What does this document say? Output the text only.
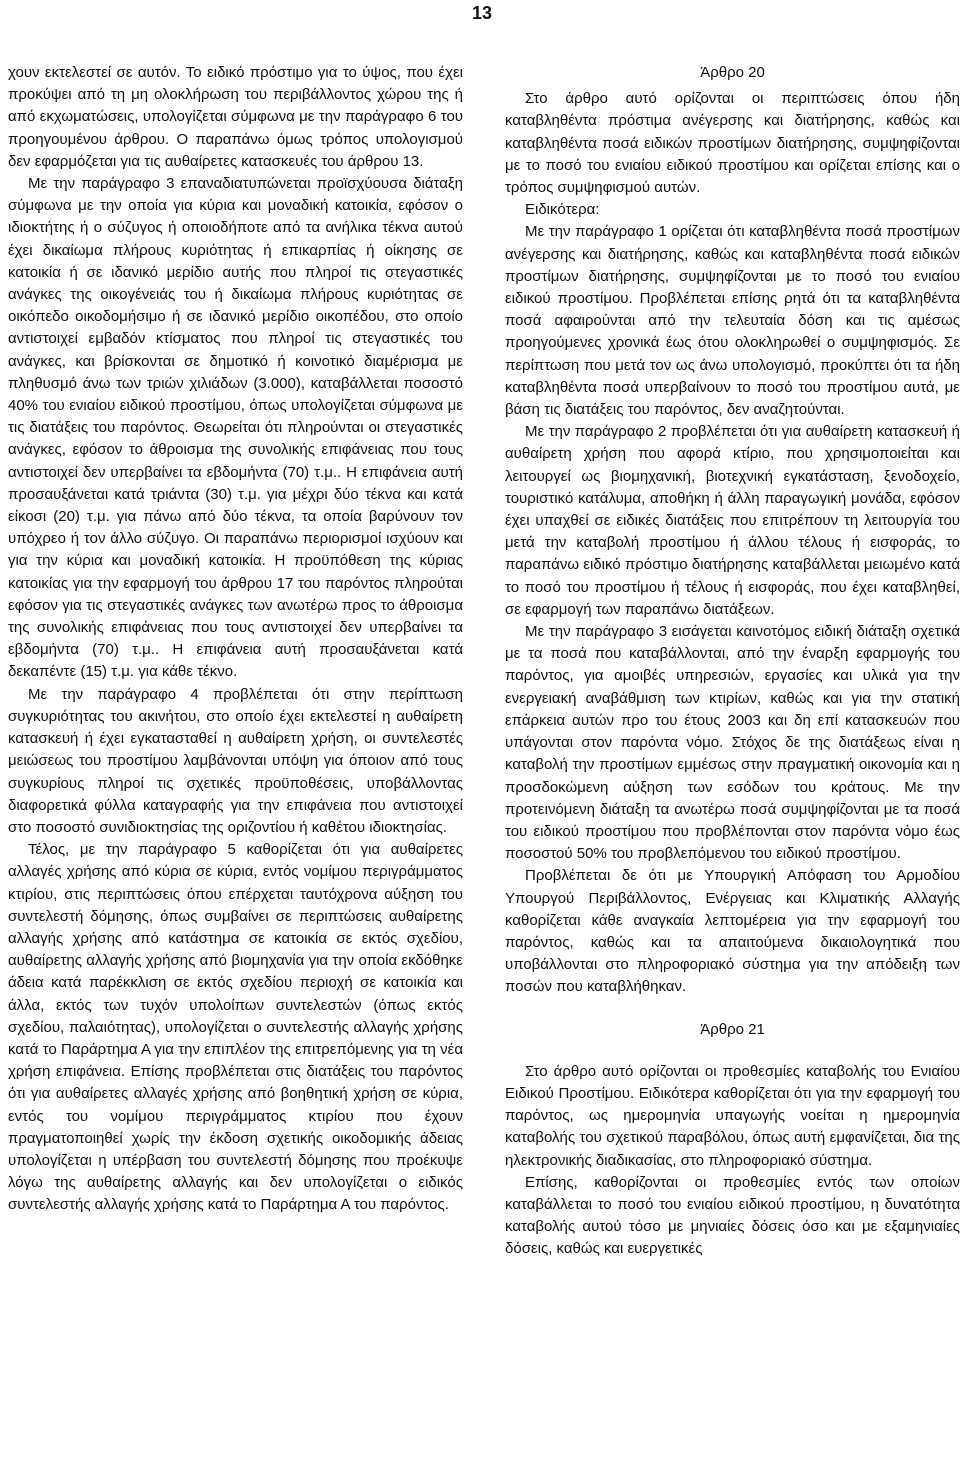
13

χουν εκτελεστεί σε αυτόν. Το ειδικό πρόστιμο για το ύψος, που έχει προκύψει από τη μη ολοκλήρωση του περιβάλλοντος χώρου της ή από εκχωματώσεις, υπολογίζεται σύμφωνα με την παράγραφο 6 του προηγουμένου άρθρου. Ο παραπάνω όμως τρόπος υπολογισμού δεν εφαρμόζεται για τις αυθαίρετες κατασκευές του άρθρου 13.

Με την παράγραφο 3 επαναδιατυπώνεται προϊσχύουσα διάταξη σύμφωνα με την οποία για κύρια και μοναδική κατοικία, εφόσον ο ιδιοκτήτης ή ο σύζυγος ή οποιοδήποτε από τα ανήλικα τέκνα αυτού έχει δικαίωμα πλήρους κυριότητας ή επικαρπίας ή οίκησης σε κατοικία ή σε ιδανικό μερίδιο αυτής που πληροί τις στεγαστικές ανάγκες της οικογένειάς του ή δικαίωμα πλήρους κυριότητας σε οικόπεδο οικοδομήσιμο ή σε ιδανικό μερίδιο οικοπέδου, στο οποίο αντιστοιχεί εμβαδόν κτίσματος που πληροί τις στεγαστικές του ανάγκες, και βρίσκονται σε δημοτικό ή κοινοτικό διαμέρισμα με πληθυσμό άνω των τριών χιλιάδων (3.000), καταβάλλεται ποσοστό 40% του ενιαίου ειδικού προστίμου, όπως υπολογίζεται σύμφωνα με τις διατάξεις του παρόντος. Θεωρείται ότι πληρούνται οι στεγαστικές ανάγκες, εφόσον το άθροισμα της συνολικής επιφάνειας που τους αντιστοιχεί δεν υπερβαίνει τα εβδομήντα (70) τ.μ.. Η επιφάνεια αυτή προσαυξάνεται κατά τριάντα (30) τ.μ. για μέχρι δύο τέκνα και κατά είκοσι (20) τ.μ. για πάνω από δύο τέκνα, τα οποία βαρύνουν τον υπόχρεο ή τον άλλο σύζυγο. Οι παραπάνω περιορισμοί ισχύουν και για την κύρια και μοναδική κατοικία. Η προϋπόθεση της κύριας κατοικίας για την εφαρμογή του άρθρου 17 του παρόντος πληρούται εφόσον για τις στεγαστικές ανάγκες των ανωτέρω προς το άθροισμα της συνολικής επιφάνειας που τους αντιστοιχεί δεν υπερβαίνει τα εβδομήντα (70) τ.μ.. Η επιφάνεια αυτή προσαυξάνεται κατά δεκαπέντε (15) τ.μ. για κάθε τέκνο.

Με την παράγραφο 4 προβλέπεται ότι στην περίπτωση συγκυριότητας του ακινήτου, στο οποίο έχει εκτελεστεί η αυθαίρετη κατασκευή ή έχει εγκατασταθεί η αυθαίρετη χρήση, οι συντελεστές μειώσεως του προστίμου λαμβάνονται υπόψη για όποιον από τους συγκυρίους πληροί τις σχετικές προϋποθέσεις, υποβάλλοντας διαφορετικά φύλλα καταγραφής για την επιφάνεια που αντιστοιχεί στο ποσοστό συνιδιοκτησίας της οριζοντίου ή καθέτου ιδιοκτησίας.

Τέλος, με την παράγραφο 5 καθορίζεται ότι για αυθαίρετες αλλαγές χρήσης από κύρια σε κύρια, εντός νομίμου περιγράμματος κτιρίου, στις περιπτώσεις όπου επέρχεται ταυτόχρονα αύξηση του συντελεστή δόμησης, όπως συμβαίνει σε περιπτώσεις αυθαίρετης αλλαγής χρήσης από κατάστημα σε κατοικία σε εκτός σχεδίου, αυθαίρετης αλλαγής χρήσης από βιομηχανία για την οποία εκδόθηκε άδεια κατά παρέκκλιση σε εκτός σχεδίου περιοχή σε κατοικία και άλλα, εκτός των τυχόν υπολοίπων συντελεστών (όπως εκτός σχεδίου, παλαιότητας), υπολογίζεται ο συντελεστής αλλαγής χρήσης κατά το Παράρτημα Α για την επιπλέον της επιτρεπόμενης για τη νέα χρήση επιφάνεια. Επίσης προβλέπεται στις διατάξεις του παρόντος ότι για αυθαίρετες αλλαγές χρήσης από βοηθητική χρήση σε κύρια, εντός του νομίμου περιγράμματος κτιρίου που έχουν πραγματοποιηθεί χωρίς την έκδοση σχετικής οικοδομικής άδειας υπολογίζεται η υπέρβαση του συντελεστή δόμησης που προέκυψε λόγω της αυθαίρετης αλλαγής και δεν υπολογίζεται ο ειδικός συντελεστής αλλαγής χρήσης κατά το Παράρτημα Α του παρόντος.

Άρθρο 20

Στο άρθρο αυτό ορίζονται οι περιπτώσεις όπου ήδη καταβληθέντα πρόστιμα ανέγερσης και διατήρησης, καθώς και καταβληθέντα ποσά ειδικών προστίμων διατήρησης, συμψηφίζονται με το ποσό του ενιαίου ειδικού προστίμου και ορίζεται επίσης και ο τρόπος συμψηφισμού αυτών.

Ειδικότερα:

Με την παράγραφο 1 ορίζεται ότι καταβληθέντα ποσά προστίμων ανέγερσης και διατήρησης, καθώς και καταβληθέντα ποσά ειδικών προστίμων διατήρησης, συμψηφίζονται με το ποσό του ενιαίου ειδικού προστίμου. Προβλέπεται επίσης ρητά ότι τα καταβληθέντα ποσά αφαιρούνται από την τελευταία δόση και τις αμέσως προηγούμενες χρονικά έως ότου ολοκληρωθεί ο συμψηφισμός. Σε περίπτωση που μετά τον ως άνω υπολογισμό, προκύπτει ότι τα ήδη καταβληθέντα ποσά υπερβαίνουν το ποσό του προστίμου αυτά, με βάση τις διατάξεις του παρόντος, δεν αναζητούνται.

Με την παράγραφο 2 προβλέπεται ότι για αυθαίρετη κατασκευή ή αυθαίρετη χρήση που αφορά κτίριο, που χρησιμοποιείται και λειτουργεί ως βιομηχανική, βιοτεχνική εγκατάσταση, ξενοδοχείο, τουριστικό κατάλυμα, αποθήκη ή άλλη παραγωγική μονάδα, εφόσον έχει υπαχθεί σε ειδικές διατάξεις που επιτρέπουν τη λειτουργία του μετά την καταβολή προστίμου ή άλλου τέλους ή εισφοράς, το παραπάνω ειδικό πρόστιμο διατήρησης καταβάλλεται μειωμένο κατά το ποσό του προστίμου ή τέλους ή εισφοράς, που έχει καταβληθεί, σε εφαρμογή των παραπάνω διατάξεων.

Με την παράγραφο 3 εισάγεται καινοτόμος ειδική διάταξη σχετικά με τα ποσά που καταβάλλονται, από την έναρξη εφαρμογής του παρόντος, για αμοιβές υπηρεσιών, εργασίες και υλικά για την ενεργειακή αναβάθμιση των κτιρίων, καθώς και για την στατική επάρκεια αυτών προ του έτους 2003 και δη επί κατασκευών που υπάγονται στον παρόντα νόμο. Στόχος δε της διατάξεως είναι η καταβολή την προστίμων εμμέσως στην πραγματική οικονομία και η προσδοκώμενη αύξηση των εσόδων του κράτους. Με την προτεινόμενη διάταξη τα ανωτέρω ποσά συμψηφίζονται με τα ποσά του ειδικού προστίμου που προβλέπονται στον παρόντα νόμο έως ποσοστού 50% του προβλεπόμενου του ειδικού προστίμου.

Προβλέπεται δε ότι με Υπουργική Απόφαση του Αρμοδίου Υπουργού Περιβάλλοντος, Ενέργειας και Κλιματικής Αλλαγής καθορίζεται κάθε αναγκαία λεπτομέρεια για την εφαρμογή του παρόντος, καθώς και τα απαιτούμενα δικαιολογητικά που υποβάλλονται στο πληροφοριακό σύστημα για την απόδειξη των ποσών που καταβλήθηκαν.

Άρθρο 21

Στο άρθρο αυτό ορίζονται οι προθεσμίες καταβολής του Ενιαίου Ειδικού Προστίμου. Ειδικότερα καθορίζεται ότι για την εφαρμογή του παρόντος, ως ημερομηνία υπαγωγής νοείται η ημερομηνία καταβολής του σχετικού παραβόλου, όπως αυτή εμφανίζεται, δια της ηλεκτρονικής διαδικασίας, στο πληροφοριακό σύστημα.

Επίσης, καθορίζονται οι προθεσμίες εντός των οποίων καταβάλλεται το ποσό του ενιαίου ειδικού προστίμου, η δυνατότητα καταβολής αυτού τόσο με μηνιαίες δόσεις όσο και με εξαμηνιαίες δόσεις, καθώς και ευεργετικές
